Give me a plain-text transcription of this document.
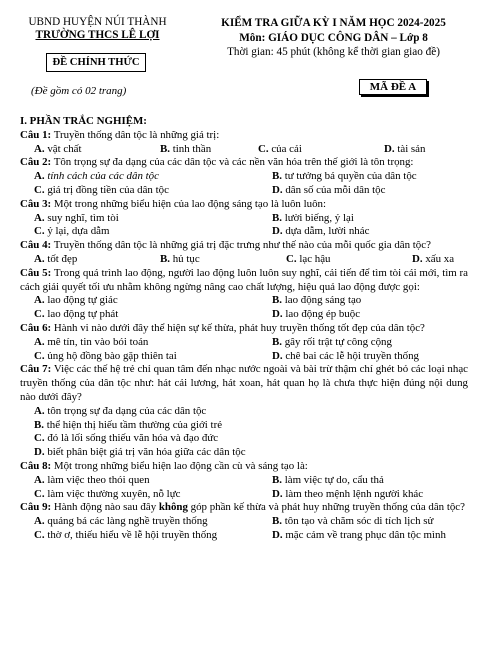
UBND HUYỆN NÚI THÀNH
TRƯỜNG THCS LÊ LỢI
ĐỀ CHÍNH THỨC
(Đề gồm có 02 trang)
KIỂM TRA GIỮA KỲ I NĂM HỌC 2024-2025
Môn: GIÁO DỤC CÔNG DÂN – Lớp 8
Thời gian: 45 phút (không kể thời gian giao đề)
MÃ ĐỀ A
I. PHẦN TRẮC NGHIỆM:
Câu 1: Truyền thống dân tộc là những giá trị:
A. vật chất	B. tinh thần	C. của cải	D. tài sản
Câu 2: Tôn trọng sự đa dạng của các dân tộc và các nền văn hóa trên thế giới là tôn trọng:
A. tính cách của các dân tộc	B. tư tưởng bá quyền của dân tộc
C. giá trị đồng tiền của dân tộc	D. dân số của mỗi dân tộc
Câu 3: Một trong những biểu hiện của lao động sáng tạo là luôn luôn:
A. suy nghĩ, tìm tòi	B. lười biếng, ỷ lại
C. ỷ lại, dựa dẫm	D. dựa dẫm, lười nhác
Câu 4: Truyền thống dân tộc là những giá trị đặc trưng như thế nào của mỗi quốc gia dân tộc?
A. tốt đẹp	B. hủ tục	C. lạc hậu	D. xấu xa
Câu 5: Trong quá trình lao động, người lao động luôn luôn suy nghĩ, cải tiến để tìm tòi cái mới, tìm ra cách giải quyết tối ưu nhằm không ngừng nâng cao chất lượng, hiệu quả lao động được gọi:
A. lao động tự giác	B. lao động sáng tạo
C. lao động tự phát	D. lao động ép buộc
Câu 6: Hành vi nào dưới đây thể hiện sự kế thừa, phát huy truyền thống tốt đẹp của dân tộc?
A. mê tín, tin vào bói toán	B. gây rối trật tự công cộng
C. ủng hộ đồng bào gặp thiên tai	D. chê bai các lễ hội truyền thống
Câu 7: Việc các thế hệ trẻ chỉ quan tâm đến nhạc nước ngoài và bài trừ thậm chí ghét bỏ các loại nhạc truyền thống của dân tộc như: hát cải lương, hát xoan, hát quan họ là chưa thực hiện đúng nội dung nào dưới đây?
A. tôn trọng sự đa dạng của các dân tộc
B. thể hiện thị hiếu tầm thường của giới trẻ
C. đó là lối sống thiếu văn hóa và đạo đức
D. biết phân biệt giá trị văn hóa giữa các dân tộc
Câu 8: Một trong những biểu hiện lao động cần cù và sáng tạo là:
A. làm việc theo thói quen	B. làm việc tự do, cẩu thả
C. làm việc thường xuyên, nỗ lực	D. làm theo mệnh lệnh người khác
Câu 9: Hành động nào sau đây không góp phần kế thừa và phát huy những truyền thống của dân tộc?
A. quảng bá các làng nghề truyền thống	B. tôn tạo và chăm sóc di tích lịch sử
C. thờ ơ, thiếu hiểu về lễ hội truyền thống	D. mặc cảm về trang phục dân tộc mình
